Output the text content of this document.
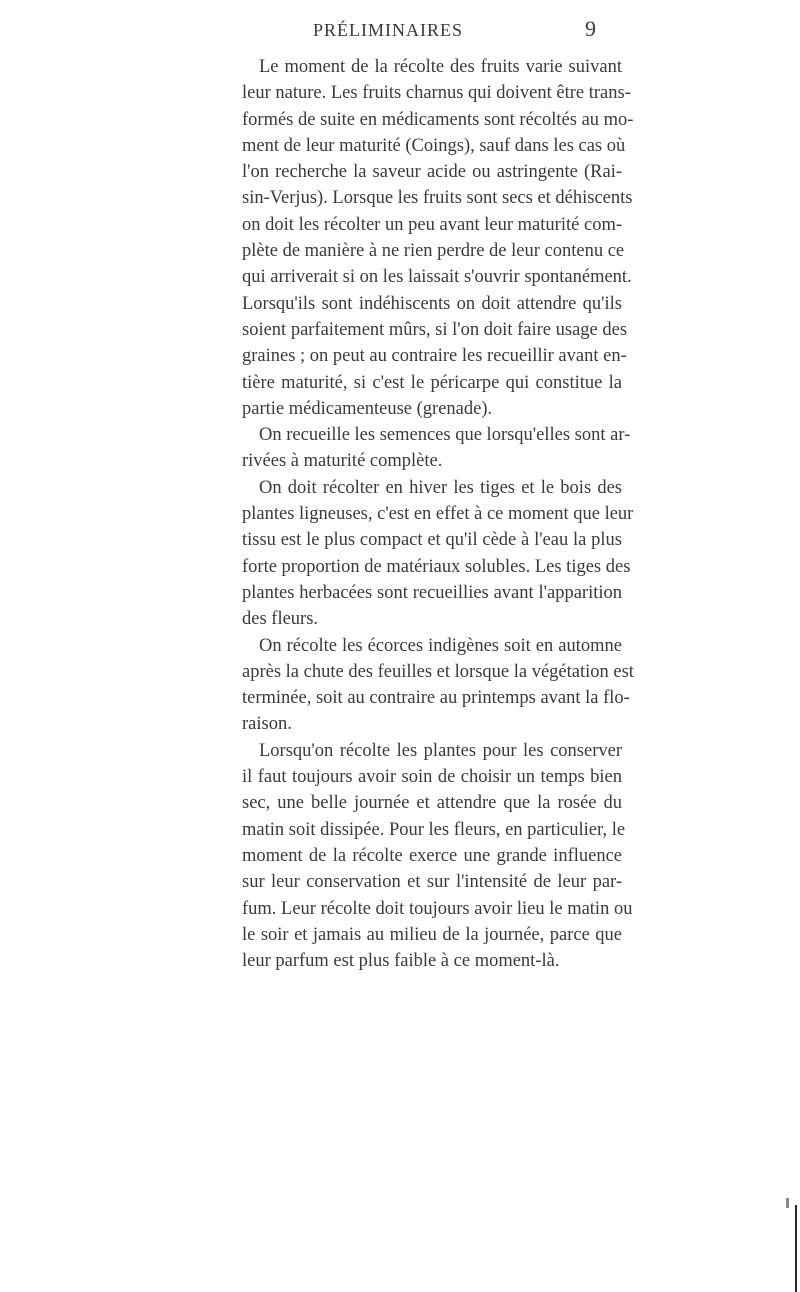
PRÉLIMINAIRES	9
Le moment de la récolte des fruits varie suivant
leur nature. Les fruits charnus qui doivent être trans-
formés de suite en médicaments sont récoltés au mo-
ment de leur maturité (Coings), sauf dans les cas où
l'on recherche la saveur acide ou astringente (Rai-
sin-Verjus). Lorsque les fruits sont secs et déhiscents
on doit les récolter un peu avant leur maturité com-
plète de manière à ne rien perdre de leur contenu ce
qui arriverait si on les laissait s'ouvrir spontanément.
Lorsqu'ils sont indéhiscents on doit attendre qu'ils
soient parfaitement mûrs, si l'on doit faire usage des
graines ; on peut au contraire les recueillir avant en-
tière maturité, si c'est le péricarpe qui constitue la
partie médicamenteuse (grenade).
On recueille les semences que lorsqu'elles sont ar-
rivées à maturité complète.
On doit récolter en hiver les tiges et le bois des
plantes ligneuses, c'est en effet à ce moment que leur
tissu est le plus compact et qu'il cède à l'eau la plus
forte proportion de matériaux solubles. Les tiges des
plantes herbacées sont recueillies avant l'apparition
des fleurs.
On récolte les écorces indigènes soit en automne
après la chute des feuilles et lorsque la végétation est
terminée, soit au contraire au printemps avant la flo-
raison.
Lorsqu'on récolte les plantes pour les conserver
il faut toujours avoir soin de choisir un temps bien
sec, une belle journée et attendre que la rosée du
matin soit dissipée. Pour les fleurs, en particulier, le
moment de la récolte exerce une grande influence
sur leur conservation et sur l'intensité de leur par-
fum. Leur récolte doit toujours avoir lieu le matin ou
le soir et jamais au milieu de la journée, parce que
leur parfum est plus faible à ce moment-là.
